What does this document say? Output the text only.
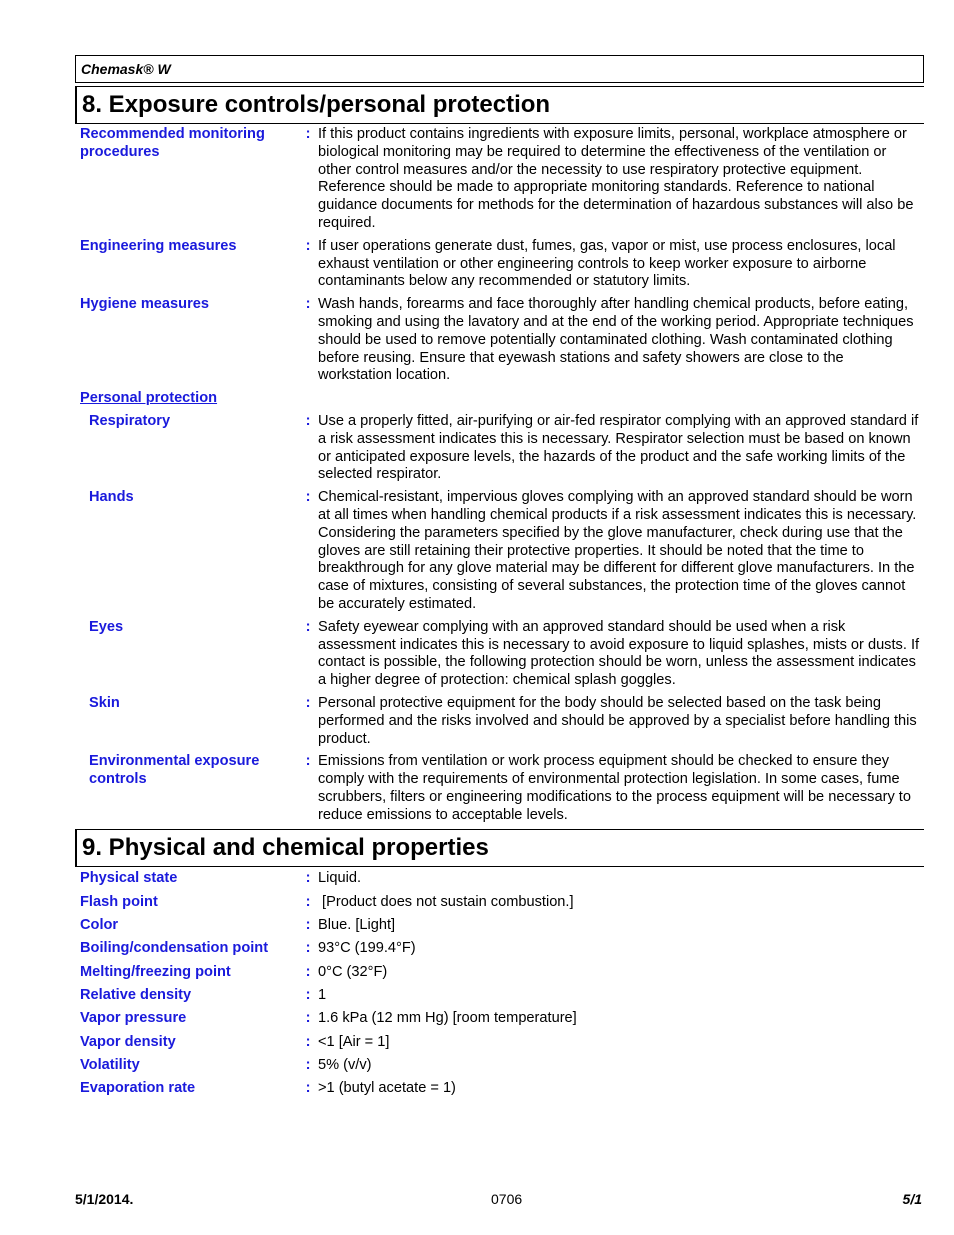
Chemask® W
8. Exposure controls/personal protection
Recommended monitoring procedures
: If this product contains ingredients with exposure limits, personal, workplace atmosphere or biological monitoring may be required to determine the effectiveness of the ventilation or other control measures and/or the necessity to use respiratory protective equipment. Reference should be made to appropriate monitoring standards. Reference to national guidance documents for methods for the determination of hazardous substances will also be required.
Engineering measures	: If user operations generate dust, fumes, gas, vapor or mist, use process enclosures, local exhaust ventilation or other engineering controls to keep worker exposure to airborne contaminants below any recommended or statutory limits.
Hygiene measures	: Wash hands, forearms and face thoroughly after handling chemical products, before eating, smoking and using the lavatory and at the end of the working period. Appropriate techniques should be used to remove potentially contaminated clothing. Wash contaminated clothing before reusing. Ensure that eyewash stations and safety showers are close to the workstation location.
Personal protection
Respiratory	: Use a properly fitted, air-purifying or air-fed respirator complying with an approved standard if a risk assessment indicates this is necessary. Respirator selection must be based on known or anticipated exposure levels, the hazards of the product and the safe working limits of the selected respirator.
Hands	: Chemical-resistant, impervious gloves complying with an approved standard should be worn at all times when handling chemical products if a risk assessment indicates this is necessary. Considering the parameters specified by the glove manufacturer, check during use that the gloves are still retaining their protective properties. It should be noted that the time to breakthrough for any glove material may be different for different glove manufacturers. In the case of mixtures, consisting of several substances, the protection time of the gloves cannot be accurately estimated.
Eyes	: Safety eyewear complying with an approved standard should be used when a risk assessment indicates this is necessary to avoid exposure to liquid splashes, mists or dusts. If contact is possible, the following protection should be worn, unless the assessment indicates a higher degree of protection: chemical splash goggles.
Skin	: Personal protective equipment for the body should be selected based on the task being performed and the risks involved and should be approved by a specialist before handling this product.
Environmental exposure controls
: Emissions from ventilation or work process equipment should be checked to ensure they comply with the requirements of environmental protection legislation. In some cases, fume scrubbers, filters or engineering modifications to the process equipment will be necessary to reduce emissions to acceptable levels.
9. Physical and chemical properties
Physical state	: Liquid.
Flash point	: [Product does not sustain combustion.]
Color	: Blue. [Light]
Boiling/condensation point	: 93°C (199.4°F)
Melting/freezing point	: 0°C (32°F)
Relative density	: 1
Vapor pressure	: 1.6 kPa (12 mm Hg) [room temperature]
Vapor density	: <1 [Air = 1]
Volatility	: 5% (v/v)
Evaporation rate	: >1 (butyl acetate = 1)
5/1/2014.	0706	5/1
